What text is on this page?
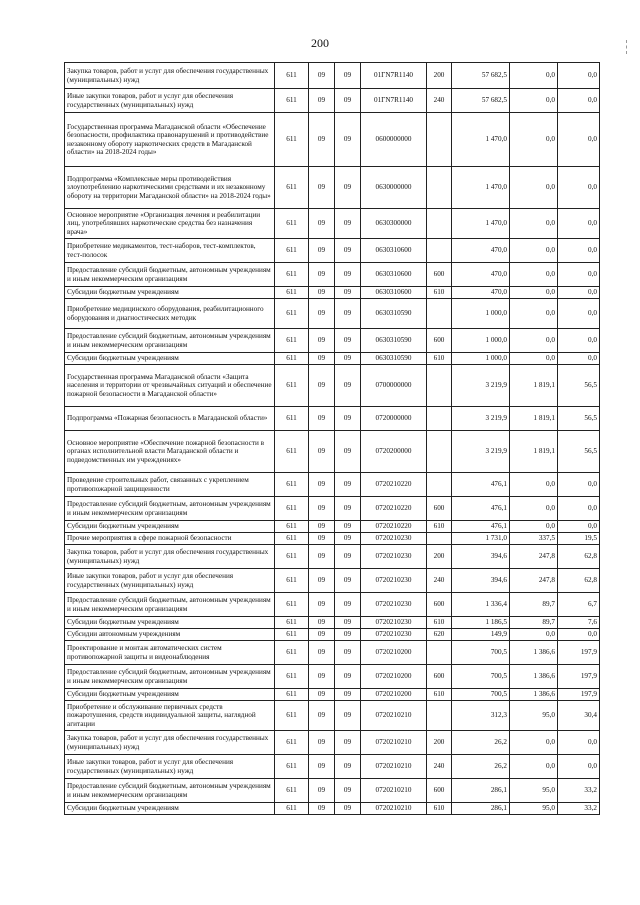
200
Закупка товаров, работ и услуг для обеспечения государственных (муниципальных) нужд	611	09	09	01ГN7R1140	200	57 682,5	0,0	0,0
Иные закупки товаров, работ и услуг для обеспечения государственных (муниципальных) нужд	611	09	09	01ГN7R1140	240	57 682,5	0,0	0,0
Государственная программа Магаданской области «Обеспечение безопасности, профилактика правонарушений и противодействие незаконному обороту наркотических средств в Магаданской области» на 2018-2024 годы»	611	09	09	0600000000		1 470,0	0,0	0,0
Подпрограмма «Комплексные меры противодействия злоупотреблению наркотическими средствами и их незаконному обороту на территории Магаданской области» на 2018-2024 годы»	611	09	09	0630000000		1 470,0	0,0	0,0
Основное мероприятие «Организация лечения и реабилитации лиц, употреблявших наркотические средства без назначения врача»	611	09	09	0630300000		1 470,0	0,0	0,0
Приобретение медикаментов, тест-наборов, тест-комплектов, тест-полосок	611	09	09	0630310600		470,0	0,0	0,0
Предоставление субсидий бюджетным, автономным учреждениям и иным некоммерческим организациям	611	09	09	0630310600	600	470,0	0,0	0,0
Субсидии бюджетным учреждениям	611	09	09	0630310600	610	470,0	0,0	0,0
Приобретение медицинского оборудования, реабилитационного оборудования и диагностических методик	611	09	09	0630310590		1 000,0	0,0	0,0
Предоставление субсидий бюджетным, автономным учреждениям и иным некоммерческим организациям	611	09	09	0630310590	600	1 000,0	0,0	0,0
Субсидии бюджетным учреждениям	611	09	09	0630310590	610	1 000,0	0,0	0,0
Государственная программа Магаданской области «Защита населения и территории от чрезвычайных ситуаций и обеспечение пожарной безопасности в Магаданской области»	611	09	09	0700000000		3 219,9	1 819,1	56,5
Подпрограмма «Пожарная безопасность в Магаданской области»	611	09	09	0720000000		3 219,9	1 819,1	56,5
Основное мероприятие «Обеспечение пожарной безопасности в органах исполнительной власти Магаданской области и подведомственных им учреждениях»	611	09	09	0720200000		3 219,9	1 819,1	56,5
Проведение строительных работ, связанных с укреплением противопожарной защищенности	611	09	09	0720210220		476,1	0,0	0,0
Предоставление субсидий бюджетным, автономным учреждениям и иным некоммерческим организациям	611	09	09	0720210220	600	476,1	0,0	0,0
Субсидии бюджетным учреждениям	611	09	09	0720210220	610	476,1	0,0	0,0
Прочие мероприятия в сфере пожарной безопасности	611	09	09	0720210230		1 731,0	337,5	19,5
Закупка товаров, работ и услуг для обеспечения государственных (муниципальных) нужд	611	09	09	0720210230	200	394,6	247,8	62,8
Иные закупки товаров, работ и услуг для обеспечения государственных (муниципальных) нужд	611	09	09	0720210230	240	394,6	247,8	62,8
Предоставление субсидий бюджетным, автономным учреждениям и иным некоммерческим организациям	611	09	09	0720210230	600	1 336,4	89,7	6,7
Субсидии бюджетным учреждениям	611	09	09	0720210230	610	1 186,5	89,7	7,6
Субсидии автономным учреждениям	611	09	09	0720210230	620	149,9	0,0	0,0
Проектирование и монтаж автоматических систем противопожарной защиты и видеонаблюдения	611	09	09	0720210200		700,5	1 386,6	197,9
Предоставление субсидий бюджетным, автономным учреждениям и иным некоммерческим организациям	611	09	09	0720210200	600	700,5	1 386,6	197,9
Субсидии бюджетным учреждениям	611	09	09	0720210200	610	700,5	1 386,6	197,9
Приобретение и обслуживание первичных средств пожаротушения, средств индивидуальной защиты, наглядной агитации	611	09	09	0720210210		312,3	95,0	30,4
Закупка товаров, работ и услуг для обеспечения государственных (муниципальных) нужд	611	09	09	0720210210	200	26,2	0,0	0,0
Иные закупки товаров, работ и услуг для обеспечения государственных (муниципальных) нужд	611	09	09	0720210210	240	26,2	0,0	0,0
Предоставление субсидий бюджетным, автономным учреждениям и иным некоммерческим организациям	611	09	09	0720210210	600	286,1	95,0	33,2
Субсидии бюджетным учреждениям	611	09	09	0720210210	610	286,1	95,0	33,2
